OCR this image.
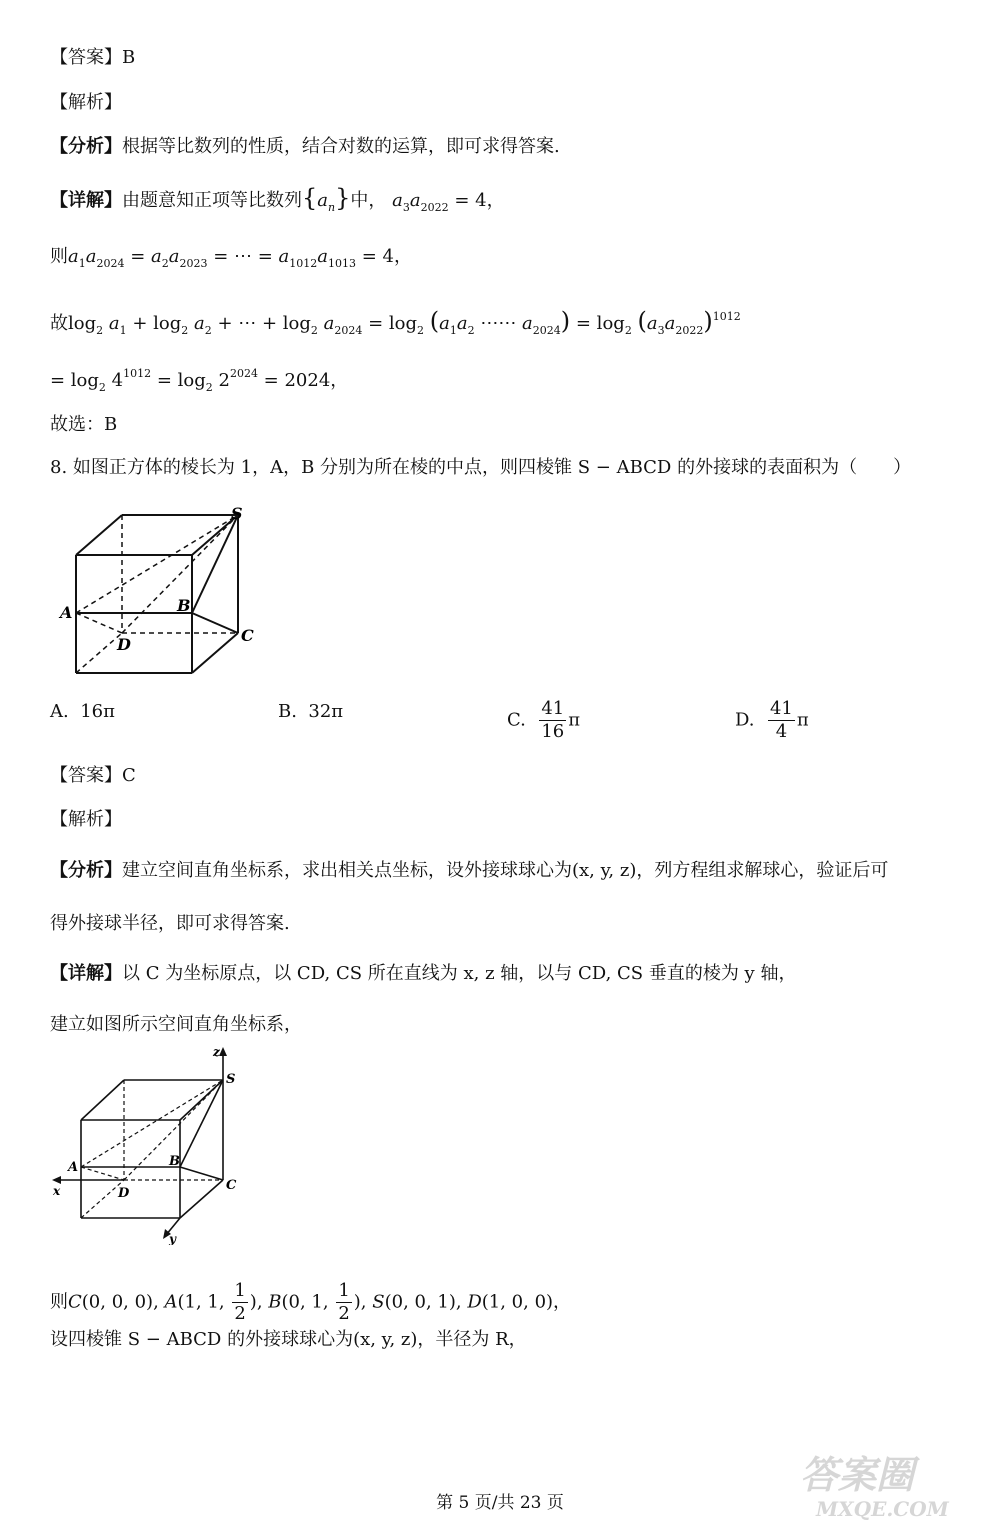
【答案】B
【解析】
【分析】根据等比数列的性质，结合对数的运算，即可求得答案.
【详解】由题意知正项等比数列$\{a_n\}$中， $a_3a_{2022} = 4$，
则$a_1a_{2024} = a_2a_{2023}$ = ⋯ = $a_{1012}a_{1013} = 4$，
故$\log_2 a_1 + \log_2 a_2$ + ⋯ + $\log_2 a_{2024} = \log_2 (a_1a_2$ ⋯⋯ $a_{2024}) = \log_2 (a_3a_{2022})^{1012}$
= $\log_2 4^{1012} = \log_2 2^{2024} = 2024$，
故选：B
8. 如图正方体的棱长为 1，A，B 分别为所在棱的中点，则四棱锥 S − ABCD 的外接球的表面积为（　　）
S
A	B
C
D
A. 16π	B. 32π	C. $\frac{41}{16}$ π	D. $\frac{41}{4}$ π
【答案】C
【解析】
【分析】建立空间直角坐标系，求出相关点坐标，设外接球球心为(x, y, z)，列方程组求解球心，验证后可
得外接球半径，即可求得答案.
【详解】以 C 为坐标原点，以 CD, CS 所在直线为 x, z 轴，以与 CD, CS 垂直的棱为 y 轴，
建立如图所示空间直角坐标系，
z
x
y
S
A	B
C
D
则C(0, 0, 0), A(1, 1, $\frac{1}{2}$ ), B(0, 1, $\frac{1}{2}$ ), S(0, 0, 1), D(1, 0, 0)，
设四棱锥 S − ABCD 的外接球球心为(x, y, z)，半径为 R，
第 5 页/共 23 页
答案圈
MXQE.COM
